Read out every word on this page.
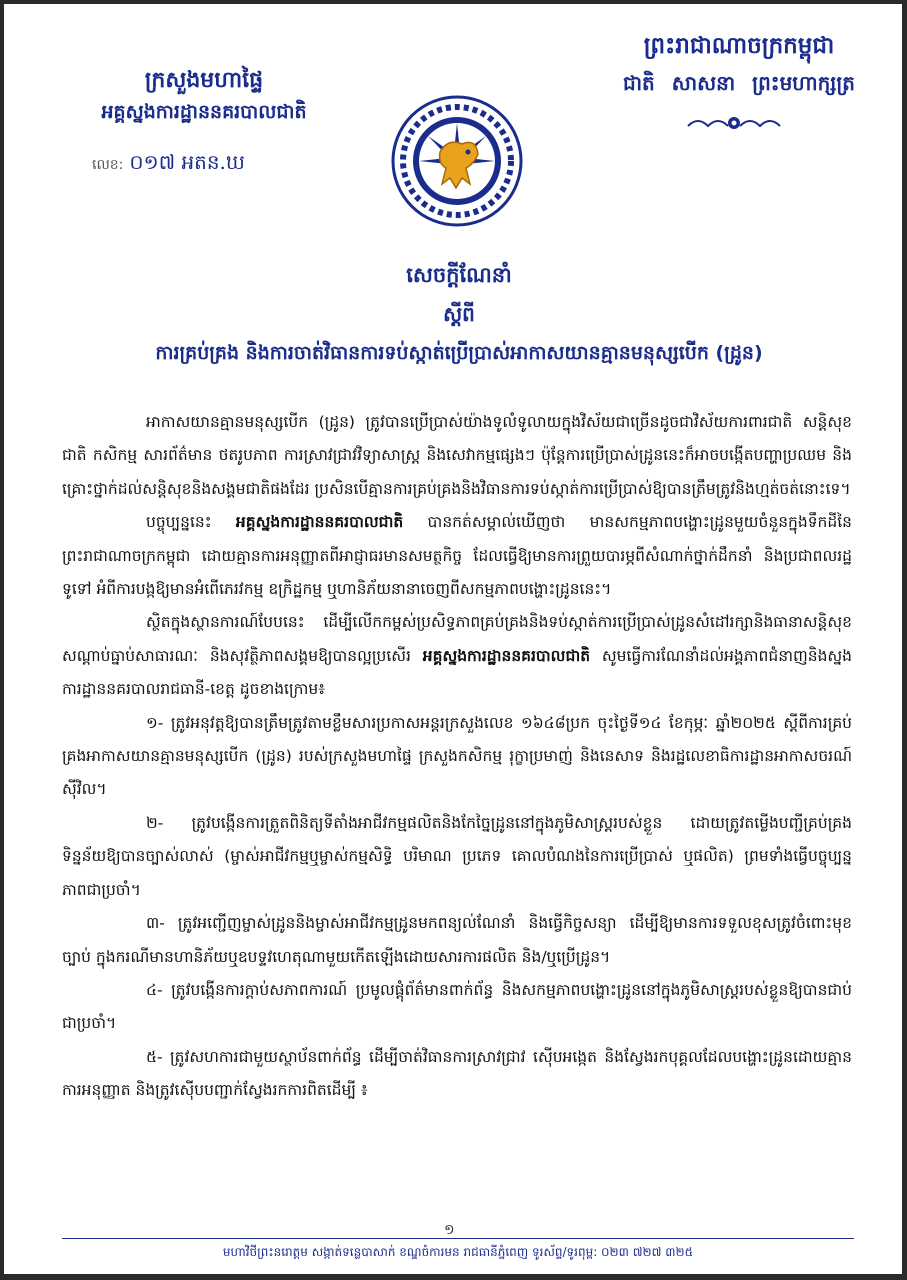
ព្រះរាជាណាចក្រកម្ពុជា
ជាតិ សាសនា ព្រះមហាក្សត្រ
ក្រសួងមហាផ្ទៃ
អគ្គស្នងការដ្ឋាននគរបាលជាតិ
លេខ: ០១៧ អតន.ឃ
សេចក្តីណែនាំ
ស្តីពី
ការគ្រប់គ្រង និងការចាត់វិធានការទប់ស្កាត់ប្រើប្រាស់អាកាសយានគ្មានមនុស្សបើក (ដ្រូន)

អាកាសយានគ្មានមនុស្សបើក (ដ្រូន) ត្រូវបានប្រើប្រាស់យ៉ាងទូលំទូលាយក្នុងវិស័យជាច្រើនដូចជាវិស័យការពារជាតិ សន្តិសុខជាតិ កសិកម្ម សារព័ត៌មាន ថតរូបភាព ការស្រាវជ្រាវវិទ្យាសាស្ត្រ និងសេវាកម្មផ្សេងៗ ប៉ុន្តែការប្រើប្រាស់ដ្រូននេះក៏អាចបង្កើតបញ្ហាប្រឈម និងគ្រោះថ្នាក់ដល់សន្តិសុខនិងសង្គមជាតិផងដែរ ប្រសិនបើគ្មានការគ្រប់គ្រងនិងវិធានការទប់ស្កាត់ការប្រើប្រាស់ឱ្យបានត្រឹមត្រូវនិងហ្មត់ចត់នោះទេ។

បច្ចុប្បន្ននេះ អគ្គស្នងការដ្ឋាននគរបាលជាតិ បានកត់សម្គាល់ឃើញថា មានសកម្មភាពបង្ហោះដ្រូនមួយចំនួនក្នុងទឹកដីនៃព្រះរាជាណាចក្រកម្ពុជា ដោយគ្មានការអនុញ្ញាតពីអាជ្ញាធរមានសមត្ថកិច្ច ដែលធ្វើឱ្យមានការព្រួយបារម្ភពីសំណាក់ថ្នាក់ដឹកនាំ និងប្រជាពលរដ្ឋទូទៅ អំពីការបង្កឱ្យមានអំពើភេរវកម្ម ឧក្រិដ្ឋកម្ម ឬហានិភ័យនានាចេញពីសកម្មភាពបង្ហោះដ្រូននេះ។

ស្ថិតក្នុងស្ថានការណ៍បែបនេះ ដើម្បីលើកកម្ពស់ប្រសិទ្ធភាពគ្រប់គ្រងនិងទប់ស្កាត់ការប្រើប្រាស់ដ្រូនសំដៅរក្សានិងធានាសន្តិសុខ សណ្តាប់ធ្នាប់សាធារណៈ និងសុវត្ថិភាពសង្គមឱ្យបានល្អប្រសើរ អគ្គស្នងការដ្ឋាននគរបាលជាតិ សូមធ្វើការណែនាំដល់អង្គភាពជំនាញនិងស្នងការដ្ឋាននគរបាលរាជធានី-ខេត្ត ដូចខាងក្រោម៖

១- ត្រូវអនុវត្តឱ្យបានត្រឹមត្រូវតាមខ្លឹមសារប្រកាសអន្តរក្រសួងលេខ ១៦៤៨ប្រក ចុះថ្ងៃទី១៤ ខែកុម្ភៈ ឆ្នាំ២០២៥ ស្តីពីការគ្រប់គ្រងអាកាសយានគ្មានមនុស្សបើក (ដ្រូន) របស់ក្រសួងមហាផ្ទៃ ក្រសួងកសិកម្ម រុក្ខាប្រមាញ់ និងនេសាទ និងរដ្ឋលេខាធិការដ្ឋានអាកាសចរណ៍ស៊ីវិល។

២- ត្រូវបង្កើនការត្រួតពិនិត្យទីតាំងអាជីវកម្មផលិតនិងកែច្នៃដ្រូននៅក្នុងភូមិសាស្ត្ររបស់ខ្លួន ដោយត្រូវតម្លើងបញ្ជីគ្រប់គ្រងទិន្នន័យឱ្យបានច្បាស់លាស់ (ម្ចាស់អាជីវកម្មឬម្ចាស់កម្មសិទ្ធិ បរិមាណ ប្រភេទ គោលបំណងនៃការប្រើប្រាស់ ឬផលិត) ព្រមទាំងធ្វើបច្ចុប្បន្នភាពជាប្រចាំ។

៣- ត្រូវអញ្ជើញម្ចាស់ដ្រូននិងម្ចាស់អាជីវកម្មដ្រូនមកពន្យល់ណែនាំ និងធ្វើកិច្ចសន្យា ដើម្បីឱ្យមានការទទួលខុសត្រូវចំពោះមុខច្បាប់ ក្នុងករណីមានហានិភ័យឬឧបទ្ទវហេតុណាមួយកើតឡើងដោយសារការផលិត និង/ឬប្រើដ្រូន។

៤- ត្រូវបង្កើនការក្តាប់សភាពការណ៍ ប្រមូលផ្តុំព័ត៌មានពាក់ព័ន្ធ និងសកម្មភាពបង្ហោះដ្រូននៅក្នុងភូមិសាស្ត្ររបស់ខ្លួនឱ្យបានជាប់ជាប្រចាំ។

៥- ត្រូវសហការជាមួយស្ថាប័នពាក់ព័ន្ធ ដើម្បីចាត់វិធានការស្រាវជ្រាវ ស៊ើបអង្កេត និងស្វែងរកបុគ្គលដែលបង្ហោះដ្រូនដោយគ្មានការអនុញ្ញាត និងត្រូវស៊ើបបញ្ជាក់ស្វែងរកការពិតដើម្បី ៖

១
មហាវិថីព្រះនរោត្តម សង្កាត់ទន្លេបាសាក់ ខណ្ឌចំការមន រាជធានីភ្នំពេញ ទូរស័ព្ទ/ទូរពុម្ព: ០២៣ ៧២៧ ៣២៥
